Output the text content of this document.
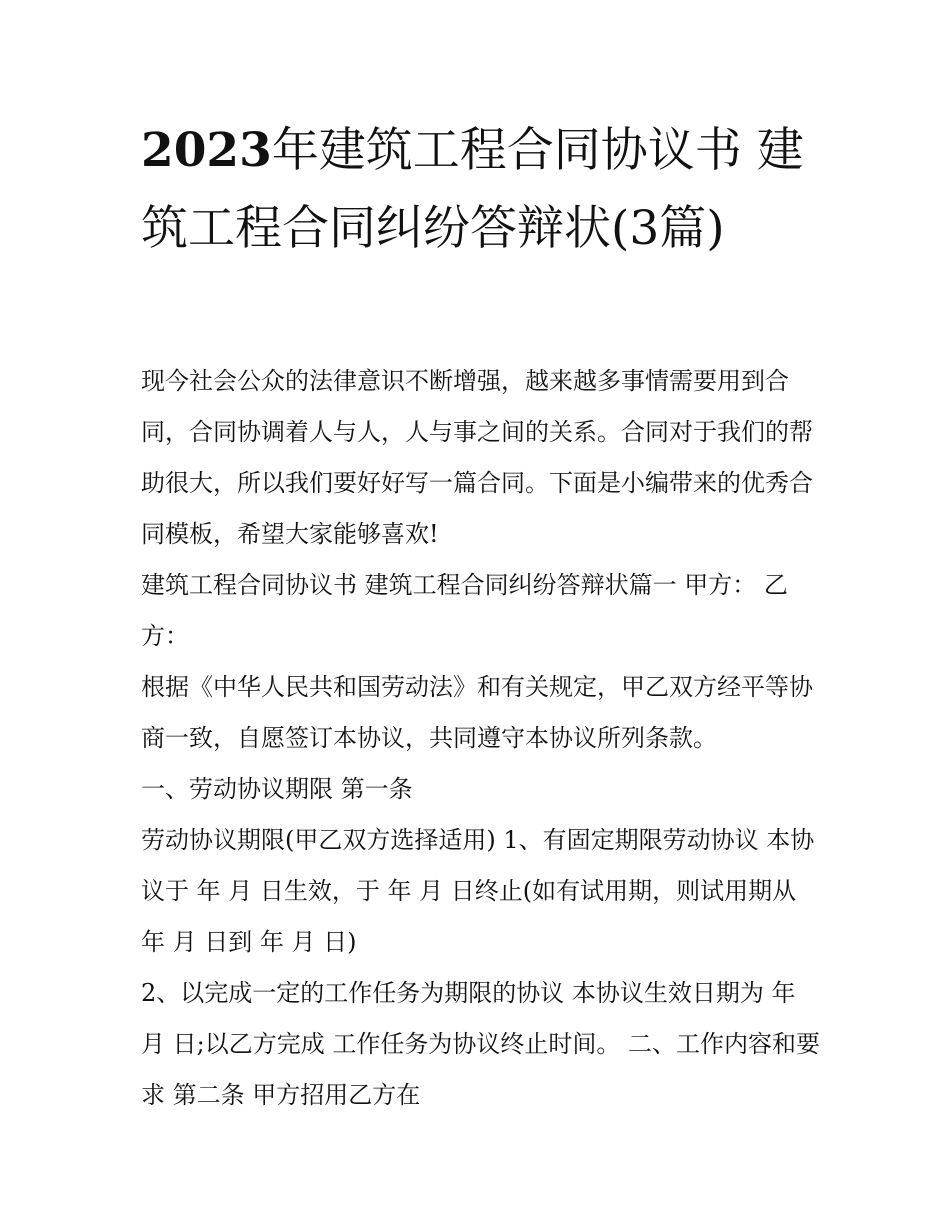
2023年建筑工程合同协议书 建筑工程合同纠纷答辩状(3篇)

现今社会公众的法律意识不断增强，越来越多事情需要用到合同，合同协调着人与人，人与事之间的关系。合同对于我们的帮助很大，所以我们要好好写一篇合同。下面是小编带来的优秀合同模板，希望大家能够喜欢!

建筑工程合同协议书 建筑工程合同纠纷答辩状篇一 甲方： 乙方：

根据《中华人民共和国劳动法》和有关规定，甲乙双方经平等协商一致，自愿签订本协议，共同遵守本协议所列条款。

一、劳动协议期限 第一条

劳动协议期限(甲乙双方选择适用) 1、有固定期限劳动协议 本协议于 年 月 日生效，于 年 月 日终止(如有试用期，则试用期从 年 月 日到 年 月 日)

2、以完成一定的工作任务为期限的协议 本协议生效日期为 年 月 日;以乙方完成 工作任务为协议终止时间。 二、工作内容和要求 第二条 甲方招用乙方在
